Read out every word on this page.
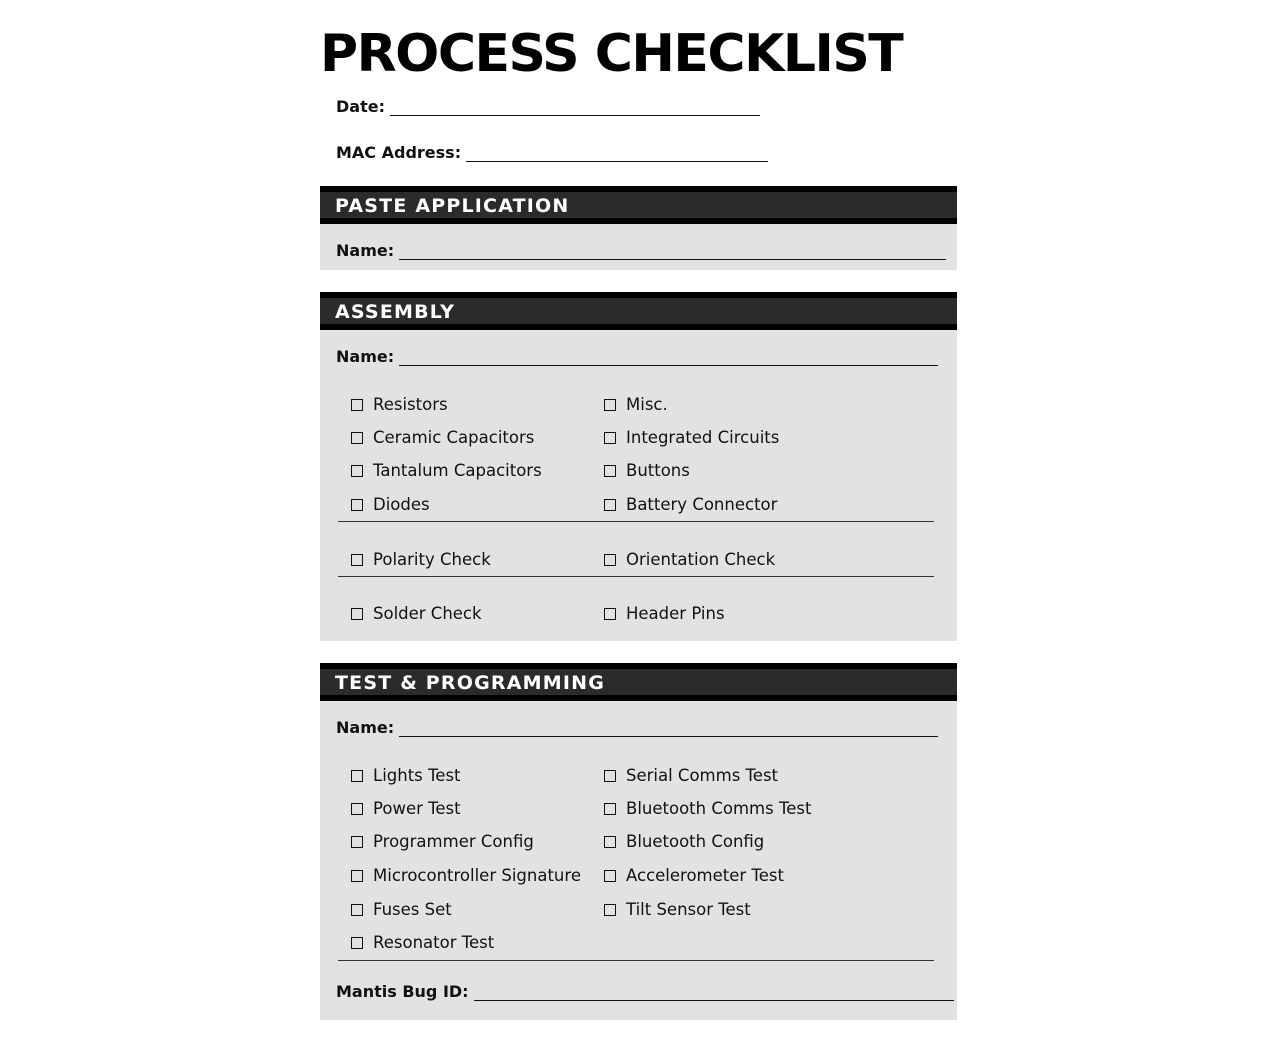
PROCESS CHECKLIST
Date:
MAC Address:
PASTE APPLICATION
Name:
ASSEMBLY
Name:
Resistors	Misc.
Ceramic Capacitors	Integrated Circuits
Tantalum Capacitors	Buttons
Diodes	Battery Connector
Polarity Check	Orientation Check
Solder Check	Header Pins
TEST & PROGRAMMING
Name:
Lights Test	Serial Comms Test
Power Test	Bluetooth Comms Test
Programmer Config	Bluetooth Config
Microcontroller Signature	Accelerometer Test
Fuses Set	Tilt Sensor Test
Resonator Test
Mantis Bug ID:
